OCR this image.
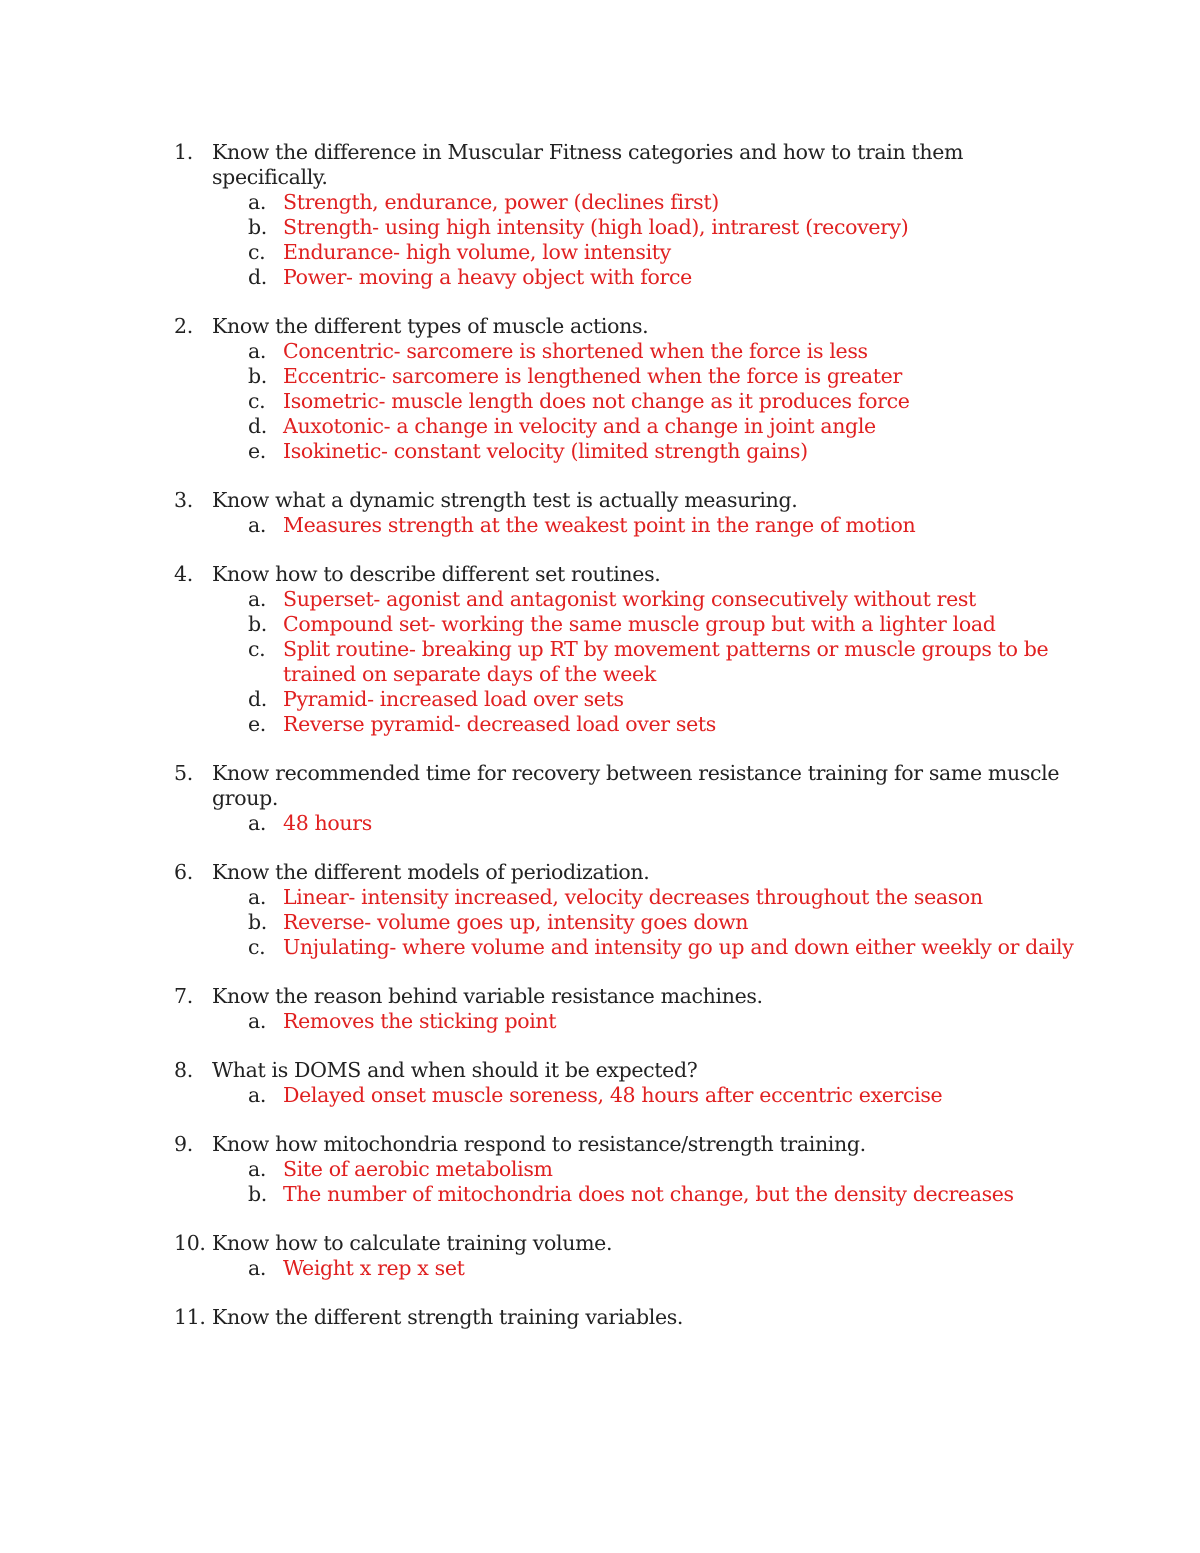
1. Know the difference in Muscular Fitness categories and how to train them specifically.
a. Strength, endurance, power (declines first)
b. Strength- using high intensity (high load), intrarest (recovery)
c. Endurance- high volume, low intensity
d. Power- moving a heavy object with force
2. Know the different types of muscle actions.
a. Concentric- sarcomere is shortened when the force is less
b. Eccentric- sarcomere is lengthened when the force is greater
c. Isometric- muscle length does not change as it produces force
d. Auxotonic- a change in velocity and a change in joint angle
e. Isokinetic- constant velocity (limited strength gains)
3. Know what a dynamic strength test is actually measuring.
a. Measures strength at the weakest point in the range of motion
4. Know how to describe different set routines.
a. Superset- agonist and antagonist working consecutively without rest
b. Compound set- working the same muscle group but with a lighter load
c. Split routine- breaking up RT by movement patterns or muscle groups to be trained on separate days of the week
d. Pyramid- increased load over sets
e. Reverse pyramid- decreased load over sets
5. Know recommended time for recovery between resistance training for same muscle group.
a. 48 hours
6. Know the different models of periodization.
a. Linear- intensity increased, velocity decreases throughout the season
b. Reverse- volume goes up, intensity goes down
c. Unjulating- where volume and intensity go up and down either weekly or daily
7. Know the reason behind variable resistance machines.
a. Removes the sticking point
8. What is DOMS and when should it be expected?
a. Delayed onset muscle soreness, 48 hours after eccentric exercise
9. Know how mitochondria respond to resistance/strength training.
a. Site of aerobic metabolism
b. The number of mitochondria does not change, but the density decreases
10. Know how to calculate training volume.
a. Weight x rep x set
11. Know the different strength training variables.
